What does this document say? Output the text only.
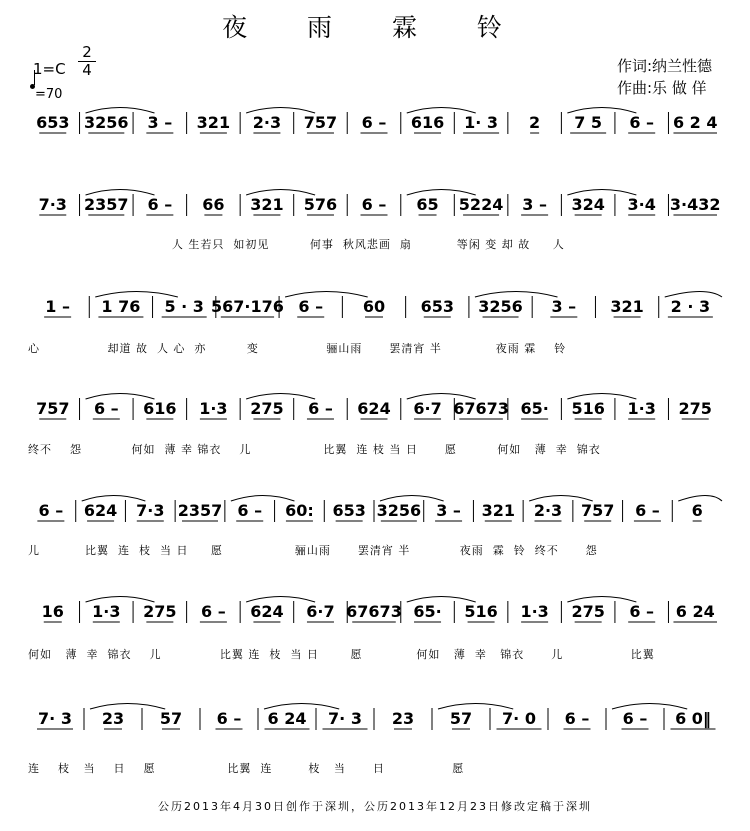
夜 雨 霖 铃
1=C
2
4
=70
作词:纳兰性德
作曲:乐 做 佯
653 3256 3 – 321 2·3 757 6 – 616 1· 3 2 7 5 6 – 6 2 4
7·3 2357 6 – 66 321 576 6 – 65 5224 3 – 324 3·4 3·432
人 生若只  如初见         何事  秋风悲画  扇          等闲 变 却 故     人
1 – 1 76 5 · 3 567·176 6 – 60 653 3256 3 – 321 2 · 3
心               却道 故  人 心  亦         变               骊山雨      罢清宵 半            夜雨 霖    铃
757 6 – 616 1·3 275 6 – 624 6·7 67673 65· 516 1·3 275
终不    怨           何如  薄 幸 锦衣    儿                比翼  连 枝 当 日      愿         何如   薄  幸  锦衣
6 – 624 7·3 2357 6 – 60: 653 3256 3 – 321 2·3 757 6 – 6
儿          比翼  连  枝  当 日     愿                骊山雨      罢清宵 半           夜雨  霖  铃  终不      怨
16 1·3 275 6 – 624 6·7 67673 65· 516 1·3 275 6 – 6 24
何如   薄  幸  锦衣    儿             比翼 连  枝  当 日       愿            何如   薄  幸   锦衣      儿               比翼
7· 3 23 57 6 – 6 24 7· 3 23 57 7· 0 6 – 6 – 6 0‖
连    枝   当    日    愿                比翼  连        枝   当      日               愿
公历2013年4月30日创作于深圳，公历2013年12月23日修改定稿于深圳
